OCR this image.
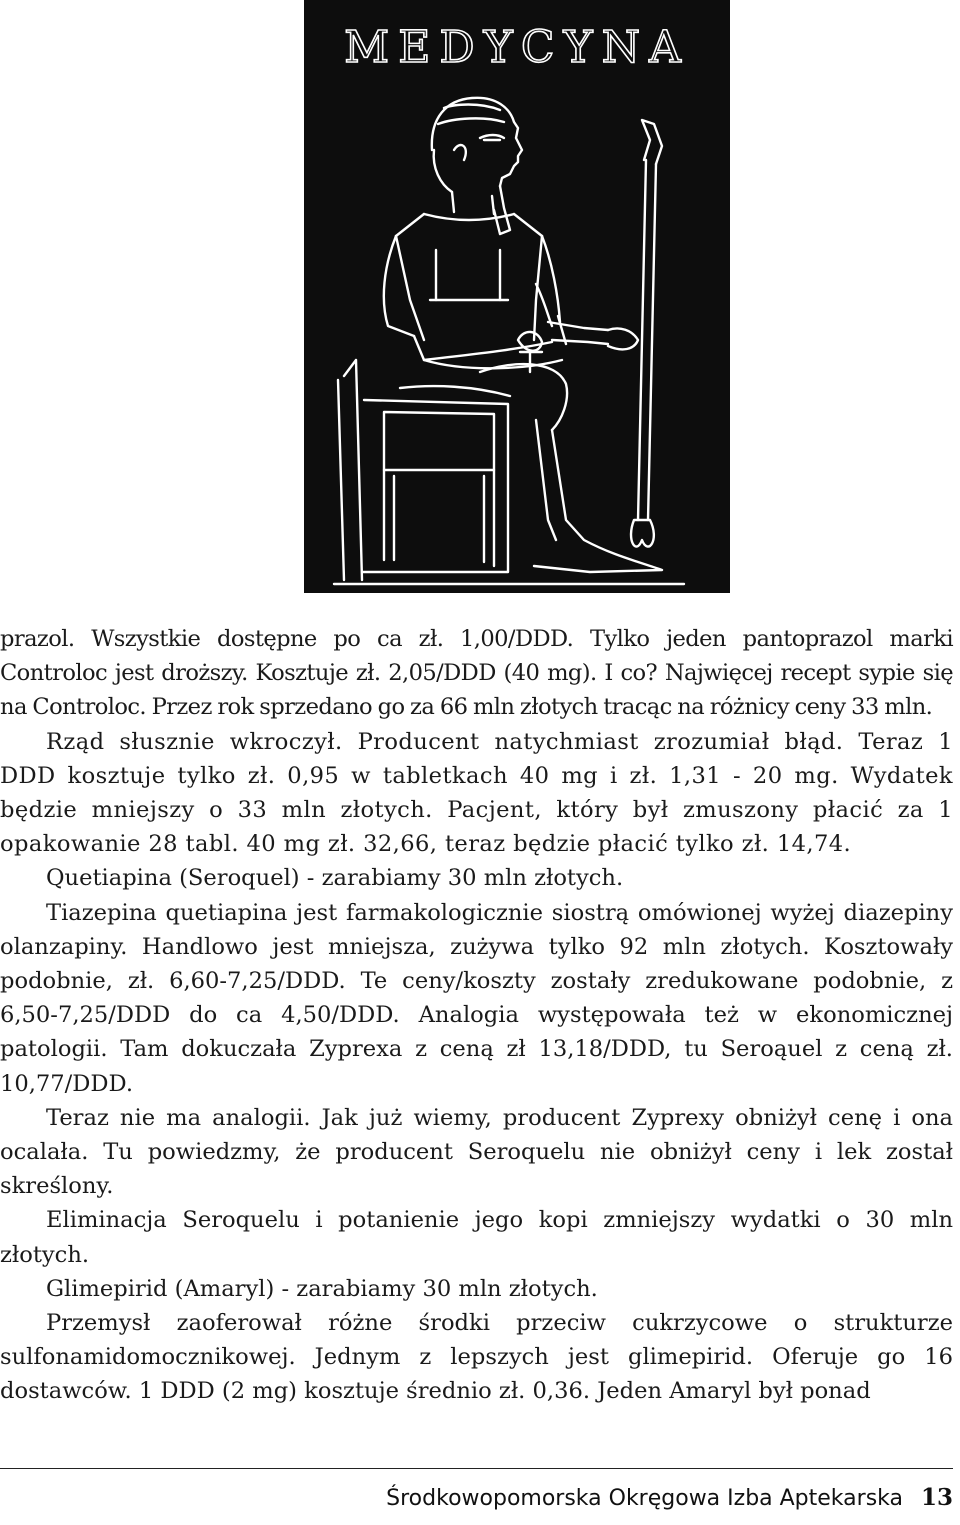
MEDYCYNA

prazol. Wszystkie dostępne po ca zł. 1,00/DDD. Tylko jeden pantoprazol marki Controloc jest droższy. Kosztuje zł. 2,05/DDD (40 mg). I co? Najwięcej recept sypie się na Controloc. Przez rok sprzedano go za 66 mln złotych tracąc na różnicy ceny 33 mln.

Rząd słusznie wkroczył. Producent natychmiast zrozumiał błąd. Teraz 1 DDD kosztuje tylko zł. 0,95 w tabletkach 40 mg i zł. 1,31 - 20 mg. Wydatek będzie mniejszy o 33 mln złotych. Pacjent, który był zmuszony płacić za 1 opakowanie 28 tabl. 40 mg zł. 32,66, teraz będzie płacić tylko zł. 14,74.

Quetiapina (Seroquel) - zarabiamy 30 mln złotych.

Tiazepina quetiapina jest farmakologicznie siostrą omówionej wyżej diazepiny olanzapiny. Handlowo jest mniejsza, zużywa tylko 92 mln złotych. Kosztowały podobnie, zł. 6,60-7,25/DDD. Te ceny/koszty zostały zredukowane podobnie, z 6,50-7,25/DDD do ca 4,50/DDD. Analogia występowała też w ekonomicznej patologii. Tam dokuczała Zyprexa z ceną zł 13,18/DDD, tu Seroąuel z ceną zł. 10,77/DDD.

Teraz nie ma analogii. Jak już wiemy, producent Zyprexy obniżył cenę i ona ocalała. Tu powiedzmy, że producent Seroquelu nie obniżył ceny i lek został skreślony.

Eliminacja Seroquelu i potanienie jego kopi zmniejszy wydatki o 30 mln złotych.

Glimepirid (Amaryl) - zarabiamy 30 mln złotych.

Przemysł zaoferował różne środki przeciw cukrzycowe o strukturze sulfonamidomocznikowej. Jednym z lepszych jest glimepirid. Oferuje go 16 dostawców. 1 DDD (2 mg) kosztuje średnio zł. 0,36. Jeden Amaryl był ponad

Środkowopomorska Okręgowa Izba Aptekarska 13
